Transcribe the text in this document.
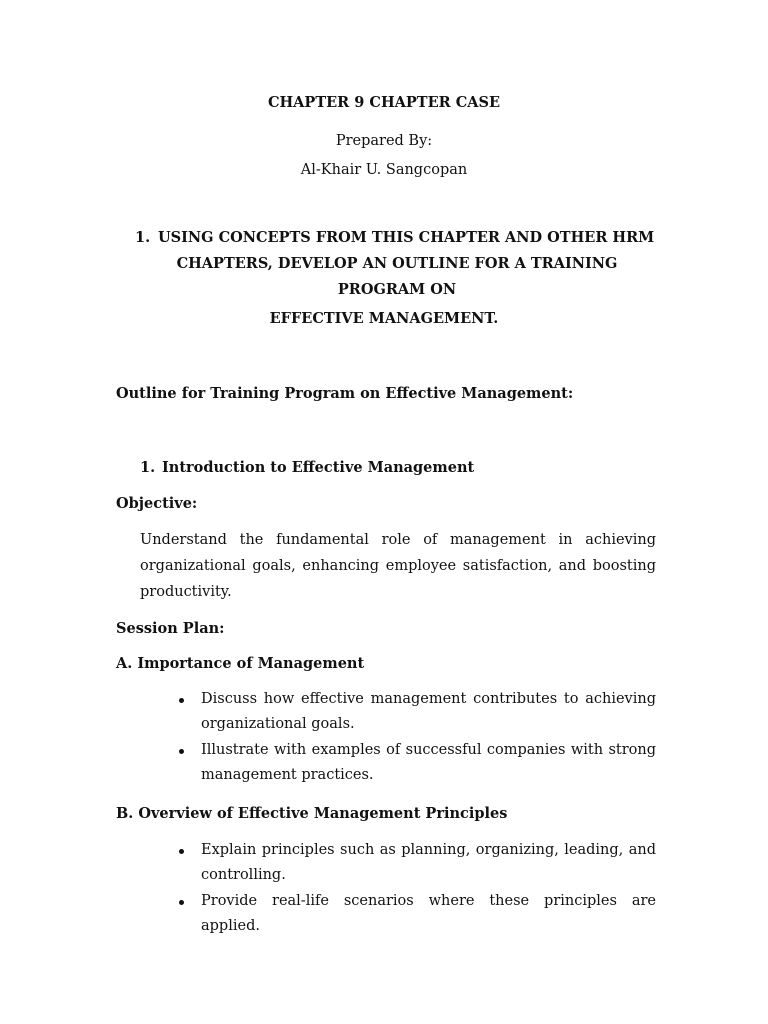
CHAPTER 9 CHAPTER CASE
Prepared By:
Al-Khair U. Sangcopan
1. USING CONCEPTS FROM THIS CHAPTER AND OTHER HRM
CHAPTERS, DEVELOP AN OUTLINE FOR A TRAINING
PROGRAM ON
EFFECTIVE MANAGEMENT.
Outline for Training Program on Effective Management:
1. Introduction to Effective Management
Objective:
Understand the fundamental role of management in achieving organizational goals, enhancing employee satisfaction, and boosting productivity.
Session Plan:
A. Importance of Management
Discuss how effective management contributes to achieving organizational goals.
Illustrate with examples of successful companies with strong management practices.
B. Overview of Effective Management Principles
Explain principles such as planning, organizing, leading, and controlling.
Provide real-life scenarios where these principles are applied.
